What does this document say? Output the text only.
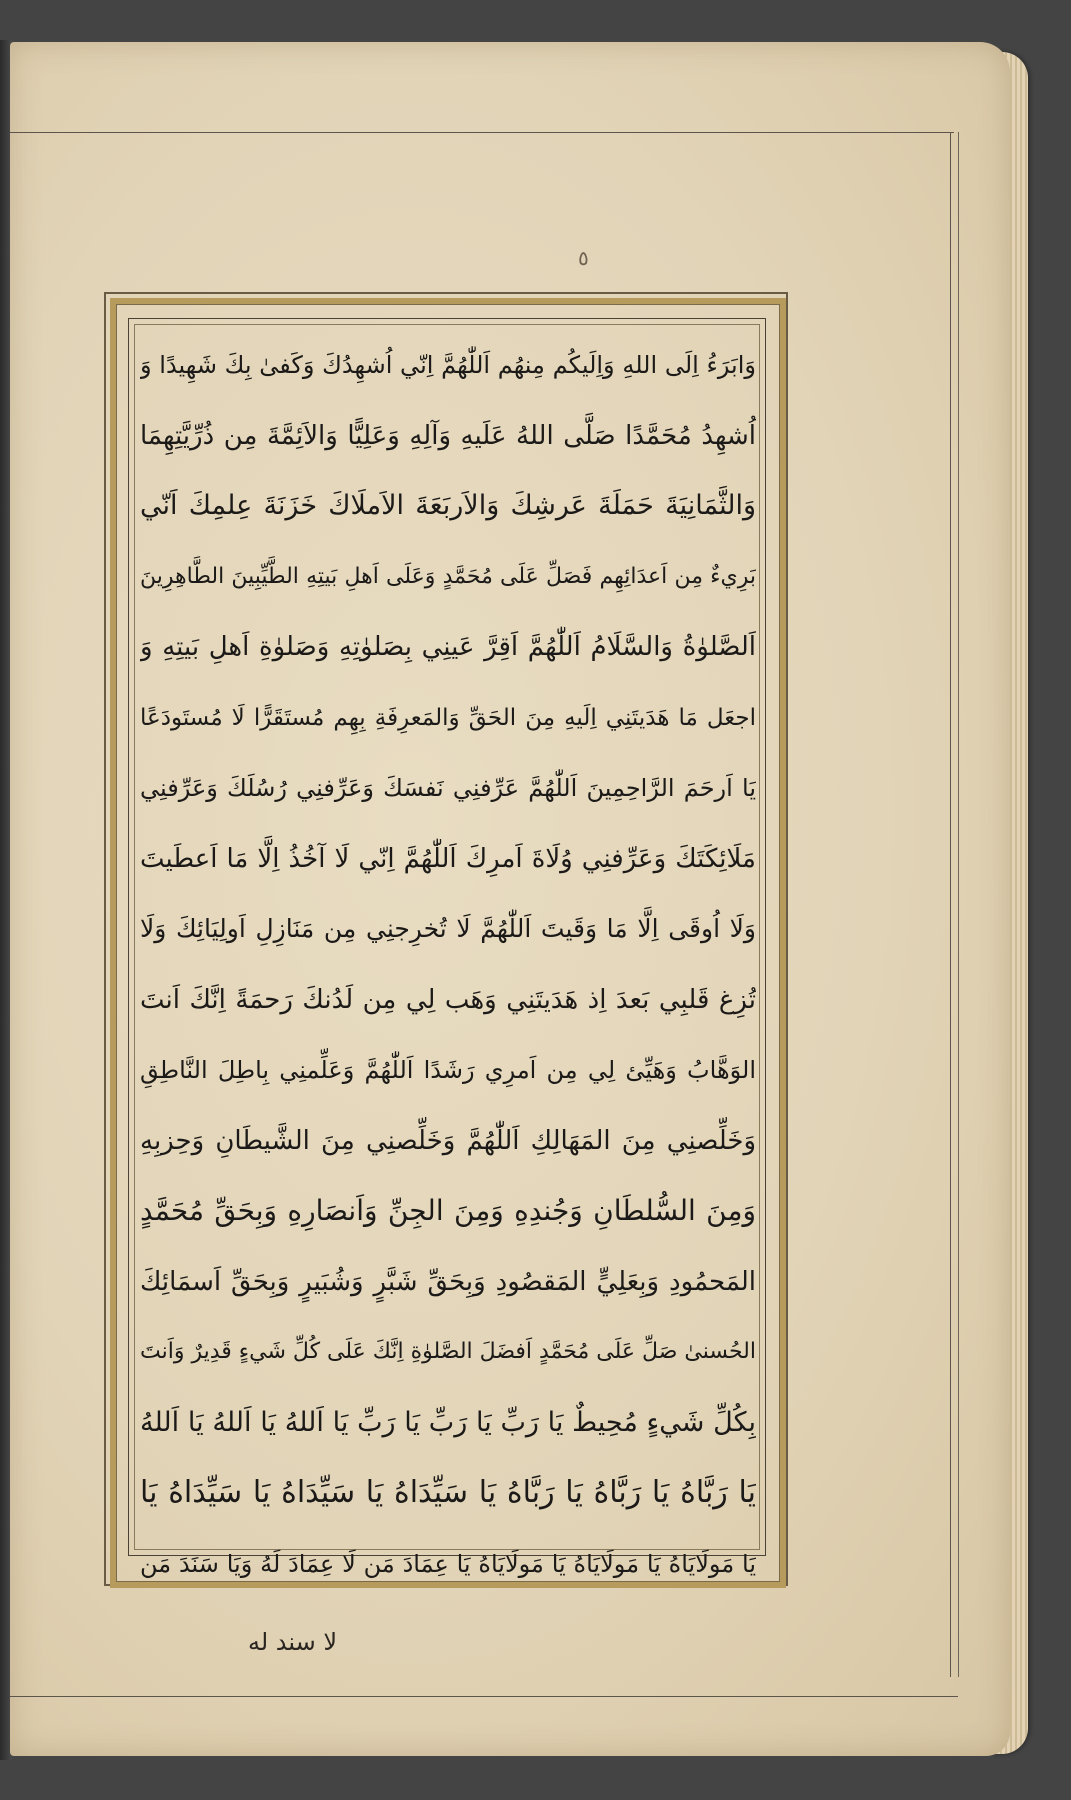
٥
وَابَرَءُ اِلَى اللهِ وَاِلَيكُم مِنهُم اَللّٰهُمَّ اِنّي اُشهِدُكَ وَكَفىٰ بِكَ شَهِيدًا وَ
اُشهِدُ مُحَمَّدًا صَلَّى اللهُ عَلَيهِ وَآلِهِ وَعَلِيًّا وَالاَئِمَّةَ مِن ذُرِّيَّتِهِمَا
وَالثَّمَانِيَةَ حَمَلَةَ عَرشِكَ وَالاَربَعَةَ الاَملَاكَ خَزَنَةَ عِلمِكَ اَنّي
بَرِيءٌ مِن اَعدَائِهِم فَصَلِّ عَلَى مُحَمَّدٍ وَعَلَى اَهلِ بَيتِهِ الطَّيِّبِينَ الطَّاهِرِينَ
اَلصَّلوٰةُ وَالسَّلَامُ اَللّٰهُمَّ اَقِرَّ عَينِي بِصَلوٰتِهِ وَصَلوٰةِ اَهلِ بَيتِهِ وَ
اجعَل مَا هَدَيتَنِي اِلَيهِ مِنَ الحَقِّ وَالمَعرِفَةِ بِهِم مُستَقَرًّا لَا مُستَودَعًا
يَا اَرحَمَ الرَّاحِمِينَ اَللّٰهُمَّ عَرِّفنِي نَفسَكَ وَعَرِّفنِي رُسُلَكَ وَعَرِّفنِي
مَلَائِكَتَكَ وَعَرِّفنِي وُلَاةَ اَمرِكَ اَللّٰهُمَّ اِنّي لَا آخُذُ اِلَّا مَا اَعطَيتَ
وَلَا اُوقَى اِلَّا مَا وَقَيتَ اَللّٰهُمَّ لَا تُخرِجنِي مِن مَنَازِلِ اَولِيَائِكَ وَلَا
تُزِغ قَلبِي بَعدَ اِذ هَدَيتَنِي وَهَب لِي مِن لَدُنكَ رَحمَةً اِنَّكَ اَنتَ
الوَهَّابُ وَهَيِّئ لِي مِن اَمرِي رَشَدًا اَللّٰهُمَّ وَعَلِّمنِي بِاطِلَ النَّاطِقِ
وَخَلِّصنِي مِنَ المَهَالِكِ اَللّٰهُمَّ وَخَلِّصنِي مِنَ الشَّيطَانِ وَحِزبِهِ
وَمِنَ السُّلطَانِ وَجُندِهِ وَمِنَ الجِنِّ وَاَنصَارِهِ وَبِحَقِّ مُحَمَّدٍ
المَحمُودِ وَبِعَلِيٍّ المَقصُودِ وَبِحَقِّ شَبَّرٍ وَشُبَيرٍ وَبِحَقِّ اَسمَائِكَ
الحُسنىٰ صَلِّ عَلَى مُحَمَّدٍ اَفضَلَ الصَّلوٰةِ اِنَّكَ عَلَى كُلِّ شَيءٍ قَدِيرٌ وَاَنتَ
بِكُلِّ شَيءٍ مُحِيطٌ يَا رَبِّ يَا رَبِّ يَا رَبِّ يَا اَللهُ يَا اَللهُ يَا اَللهُ
يَا رَبَّاهُ يَا رَبَّاهُ يَا رَبَّاهُ يَا سَيِّدَاهُ يَا سَيِّدَاهُ يَا سَيِّدَاهُ يَا
يَا مَولَايَاهُ يَا مَولَايَاهُ يَا مَولَايَاهُ يَا عِمَادَ مَن لَا عِمَادَ لَهُ وَيَا سَنَدَ مَن
لا سند له
